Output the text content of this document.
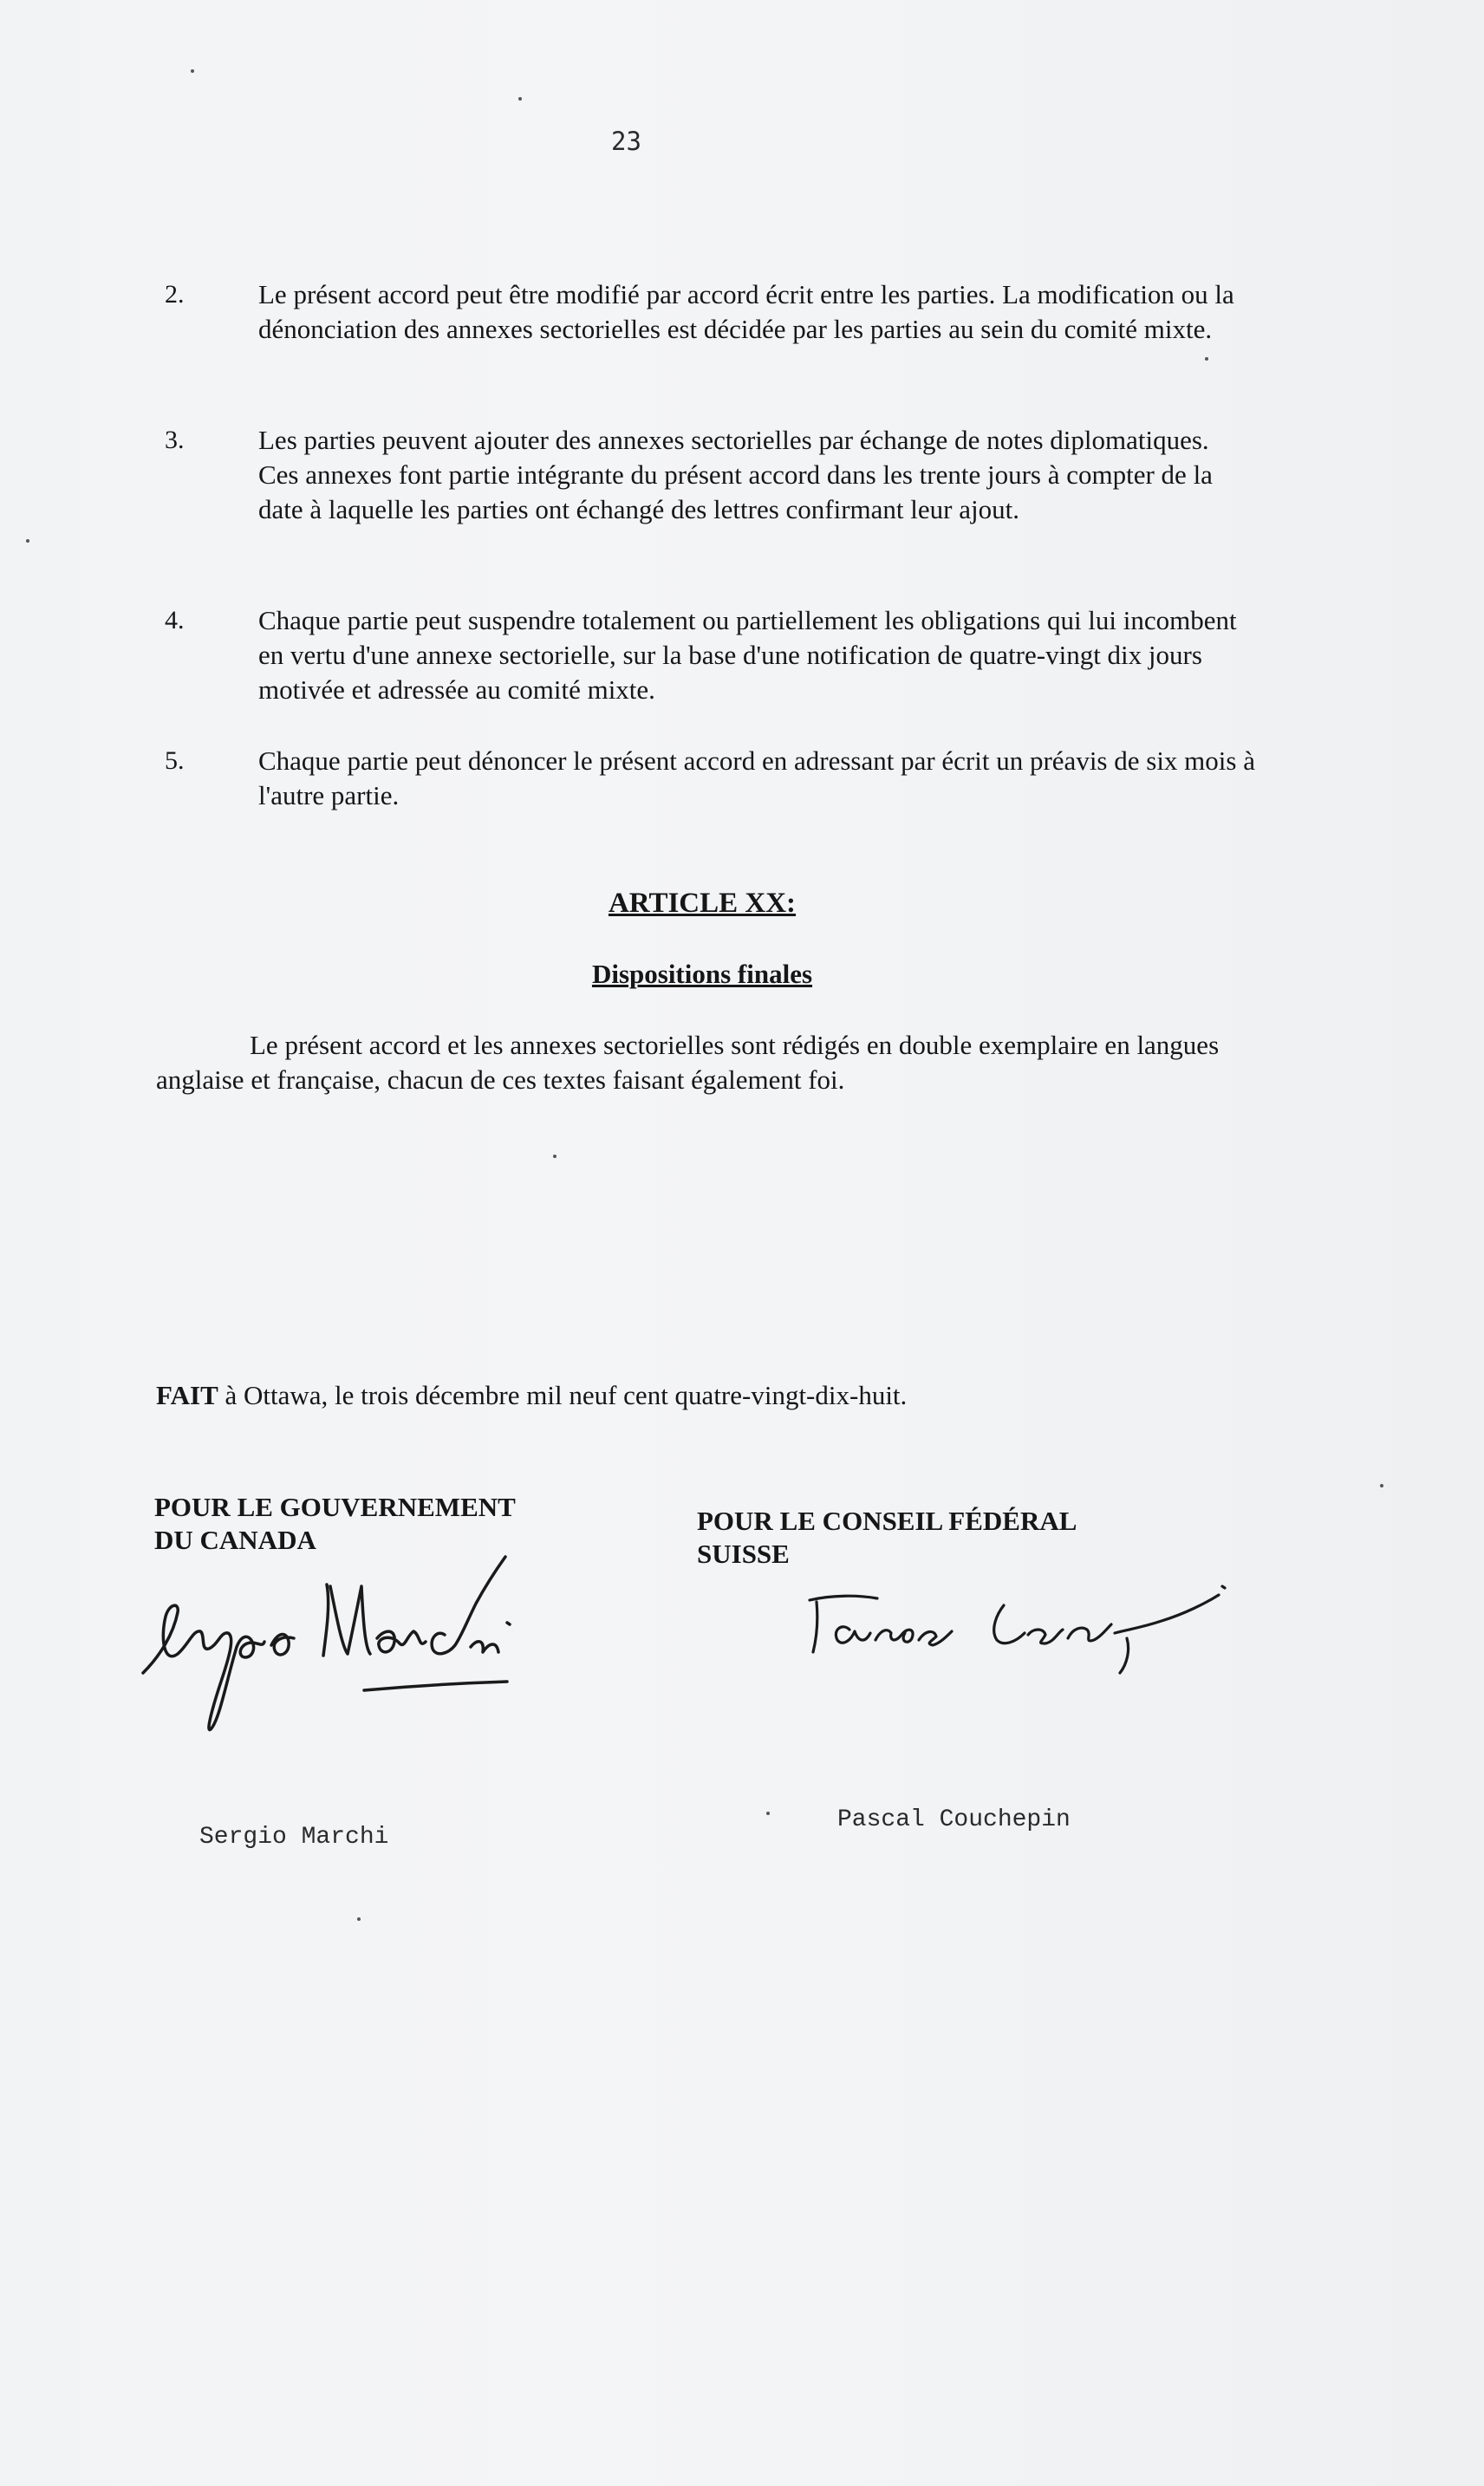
23
2.	Le présent accord peut être modifié par accord écrit entre les parties. La modification ou la dénonciation des annexes sectorielles est décidée par les parties au sein du comité mixte.
3.	Les parties peuvent ajouter des annexes sectorielles par échange de notes diplomatiques. Ces annexes font partie intégrante du présent accord dans les trente jours à compter de la date à laquelle les parties ont échangé des lettres confirmant leur ajout.
4.	Chaque partie peut suspendre totalement ou partiellement les obligations qui lui incombent en vertu d'une annexe sectorielle, sur la base d'une notification de quatre-vingt dix jours motivée et adressée au comité mixte.
5.	Chaque partie peut dénoncer le présent accord en adressant par écrit un préavis de six mois à l'autre partie.
ARTICLE XX:
Dispositions finales
Le présent accord et les annexes sectorielles sont rédigés en double exemplaire en langues anglaise et française, chacun de ces textes faisant également foi.
FAIT à Ottawa, le trois décembre mil neuf cent quatre-vingt-dix-huit.
POUR LE GOUVERNEMENT
DU CANADA
POUR LE CONSEIL FÉDÉRAL
SUISSE
Sergio Marchi
Pascal Couchepin
